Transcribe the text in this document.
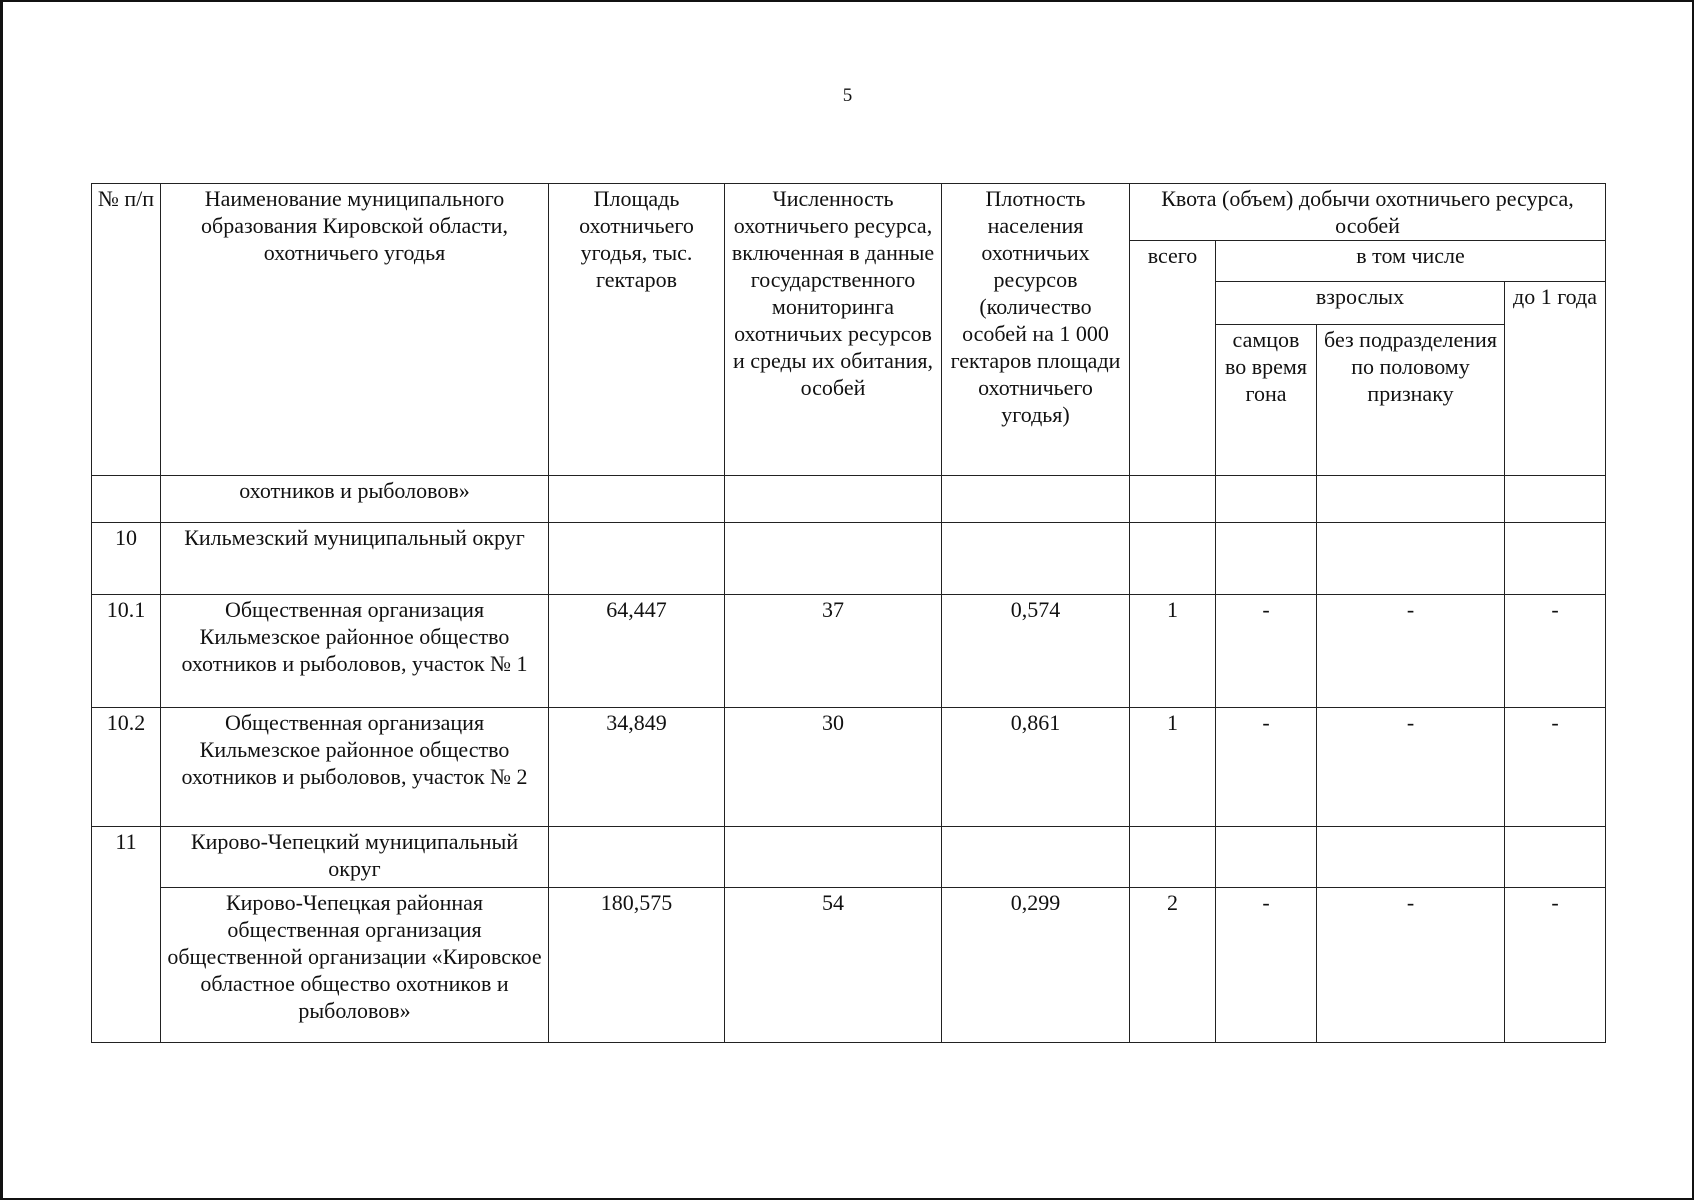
5
№ п/п	Наименование муниципального образования Кировской области, охотничьего угодья	Площадь охотничьего угодья, тыс. гектаров	Численность охотничьего ресурса, включенная в данные государственного мониторинга охотничьих ресурсов и среды их обитания, особей	Плотность населения охотничьих ресурсов (количество особей на 1 000 гектаров площади охотничьего угодья)	Квота (объем) добычи охотничьего ресурса, особей			
					всего	в том числе		
						взрослых		до 1 года
						самцов во время гона	без подразделения по половому признаку	
	охотников и рыболовов»							
10	Кильмезский муниципальный округ							
10.1	Общественная организация Кильмезское районное общество охотников и рыболовов, участок № 1	64,447	37	0,574	1	-	-	-
10.2	Общественная организация Кильмезское районное общество охотников и рыболовов, участок № 2	34,849	30	0,861	1	-	-	-
11	Кирово-Чепецкий муниципальный округ							
	Кирово-Чепецкая районная общественная организация общественной организации «Кировское областное общество охотников и рыболовов»	180,575	54	0,299	2	-	-	-
